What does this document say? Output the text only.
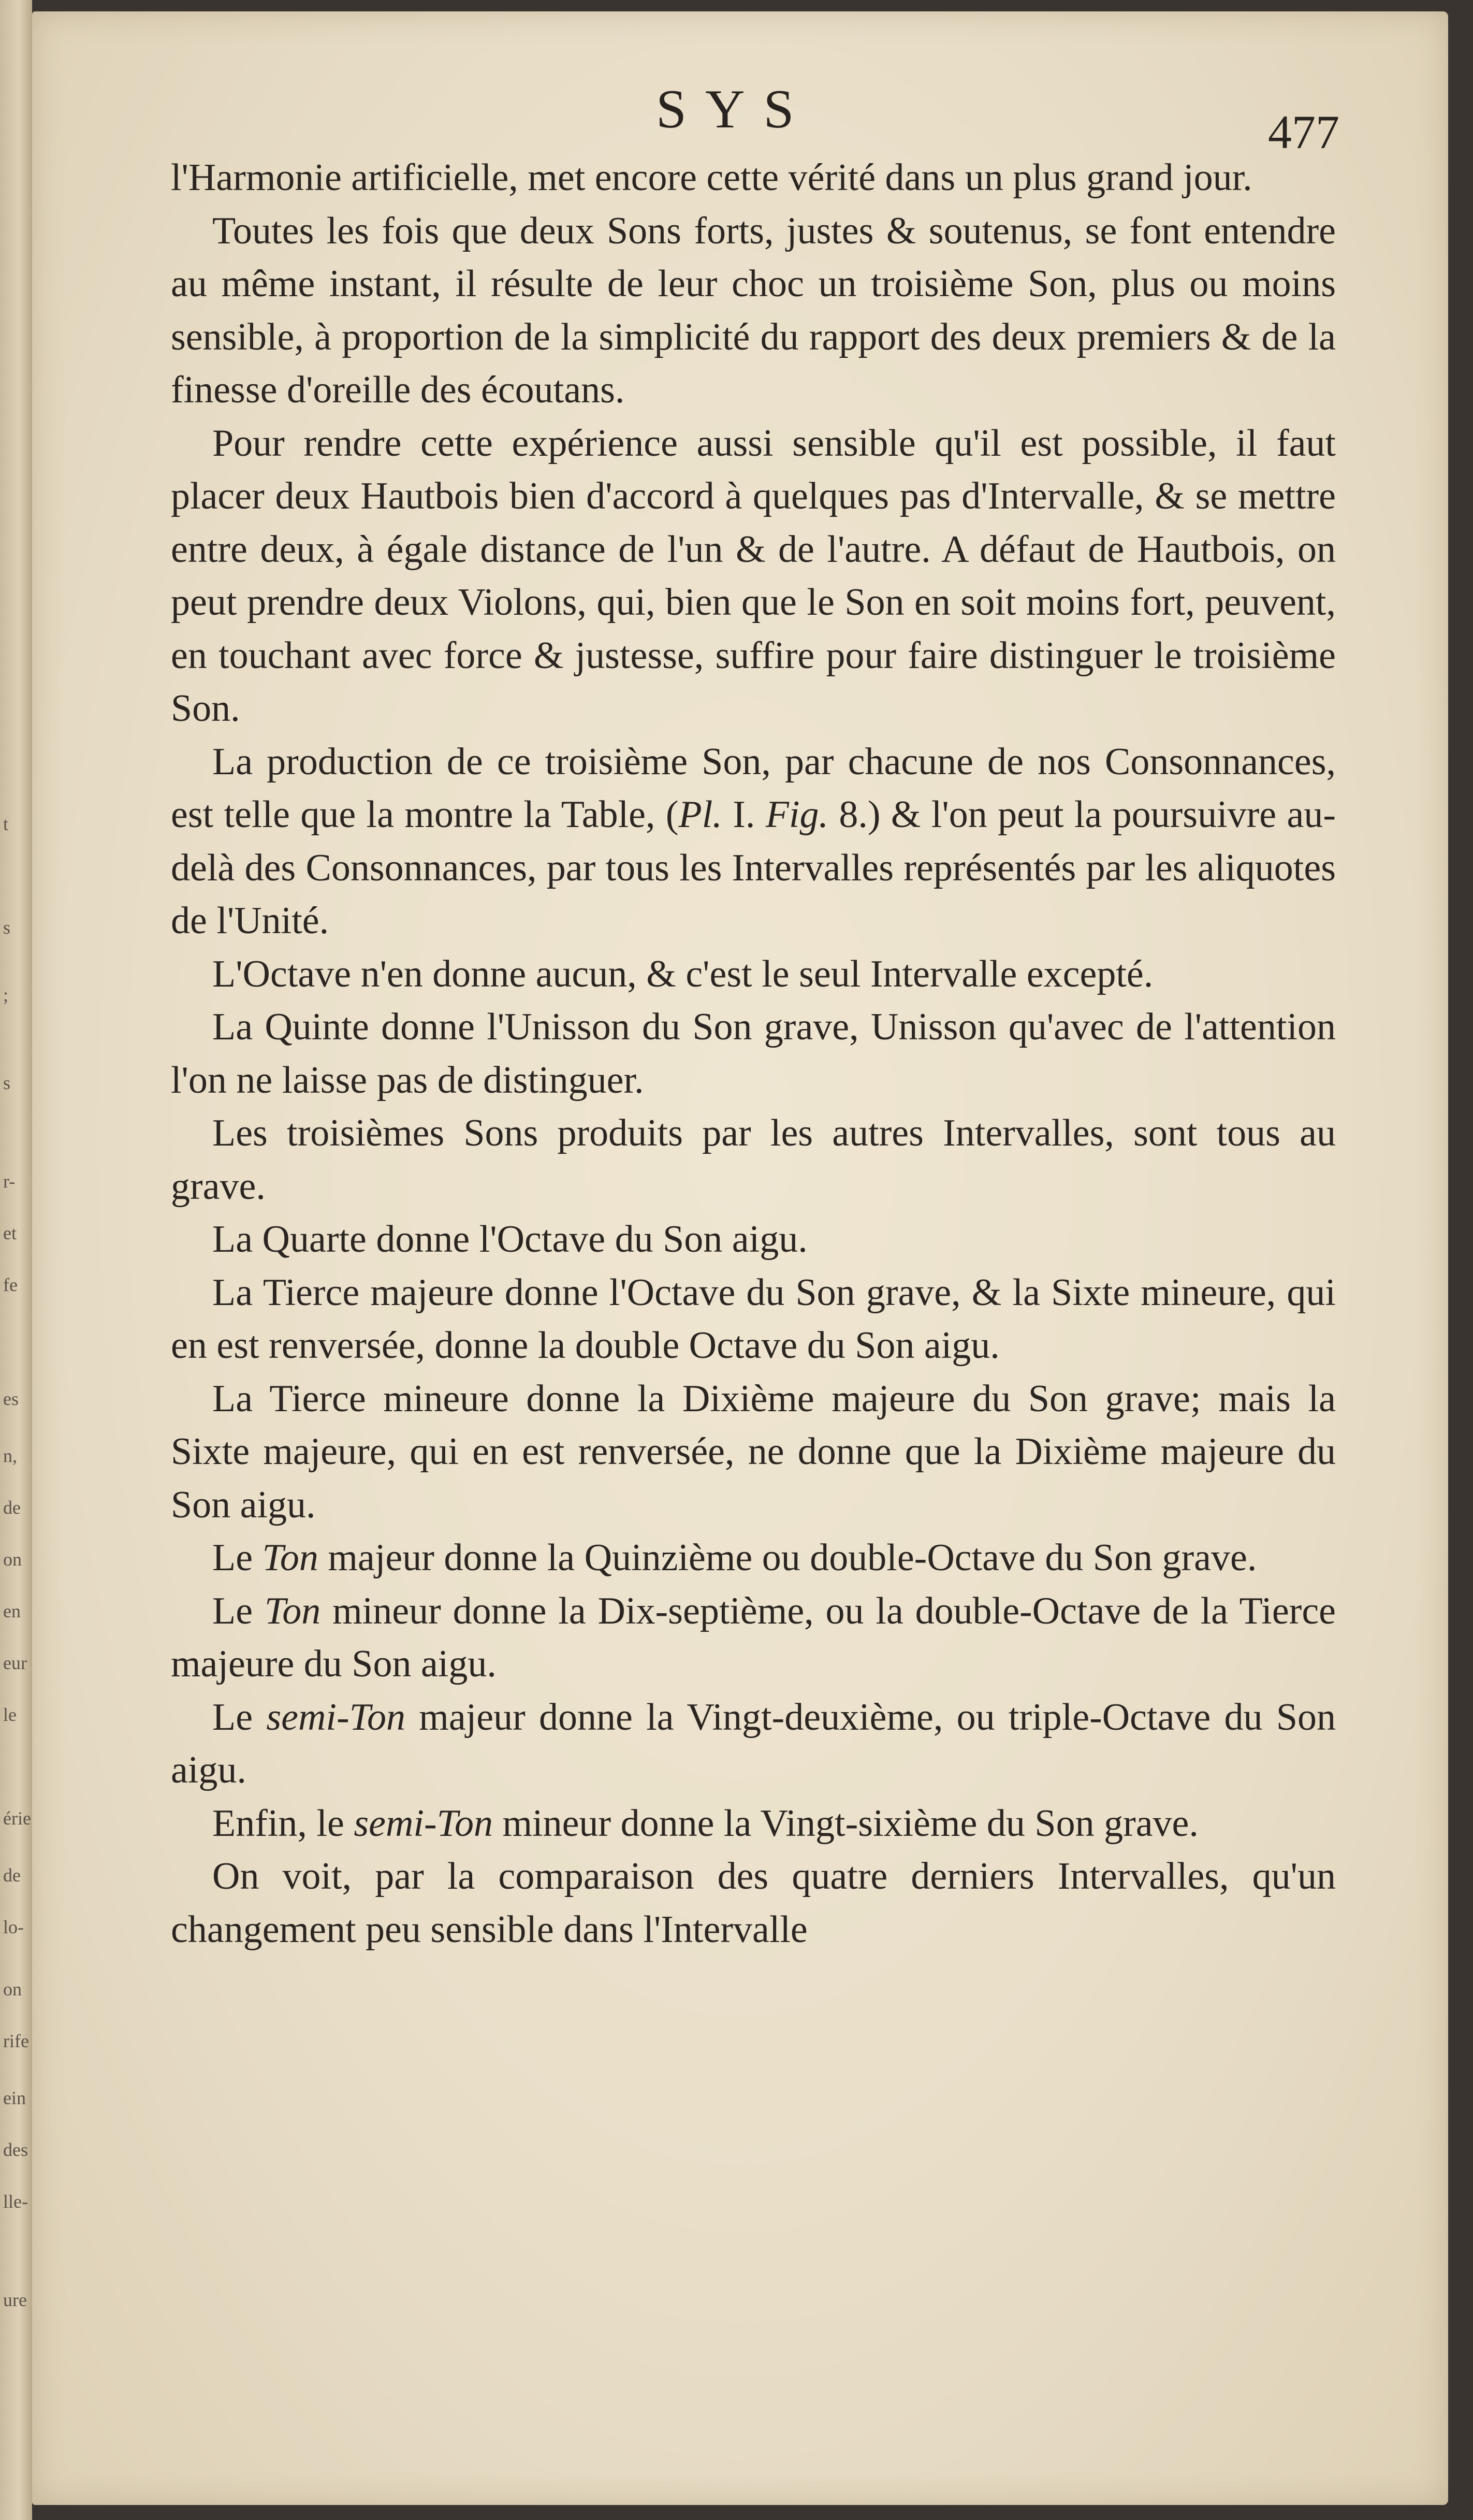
t
s
;
s
r-
et
fe
es
n,
de
on
en
eur
le
érie
de
lo-
on
rife
ein
des
lle-
ure
SYS	477

l'Harmonie artificielle, met encore cette vérité dans un plus grand jour.

Toutes les fois que deux Sons forts, justes & soutenus, se font entendre au même instant, il résulte de leur choc un troisième Son, plus ou moins sensible, à proportion de la simplicité du rapport des deux premiers & de la finesse d'oreille des écoutans.

Pour rendre cette expérience aussi sensible qu'il est possible, il faut placer deux Hautbois bien d'accord à quelques pas d'Intervalle, & se mettre entre deux, à égale distance de l'un & de l'autre. A défaut de Hautbois, on peut prendre deux Violons, qui, bien que le Son en soit moins fort, peuvent, en touchant avec force & justesse, suffire pour faire distinguer le troisième Son.

La production de ce troisième Son, par chacune de nos Consonnances, est telle que la montre la Table, (Pl. I. Fig. 8.) & l'on peut la poursuivre au-delà des Consonnances, par tous les Intervalles représentés par les aliquotes de l'Unité.

L'Octave n'en donne aucun, & c'est le seul Intervalle excepté.

La Quinte donne l'Unisson du Son grave, Unisson qu'avec de l'attention l'on ne laisse pas de distinguer.

Les troisièmes Sons produits par les autres Intervalles, sont tous au grave.

La Quarte donne l'Octave du Son aigu.

La Tierce majeure donne l'Octave du Son grave, & la Sixte mineure, qui en est renversée, donne la double Octave du Son aigu.

La Tierce mineure donne la Dixième majeure du Son grave; mais la Sixte majeure, qui en est renversée, ne donne que la Dixième majeure du Son aigu.

Le Ton majeur donne la Quinzième ou double-Octave du Son grave.

Le Ton mineur donne la Dix-septième, ou la double-Octave de la Tierce majeure du Son aigu.

Le semi-Ton majeur donne la Vingt-deuxième, ou triple-Octave du Son aigu.

Enfin, le semi-Ton mineur donne la Vingt-sixième du Son grave.

On voit, par la comparaison des quatre derniers Intervalles, qu'un changement peu sensible dans l'Intervalle
